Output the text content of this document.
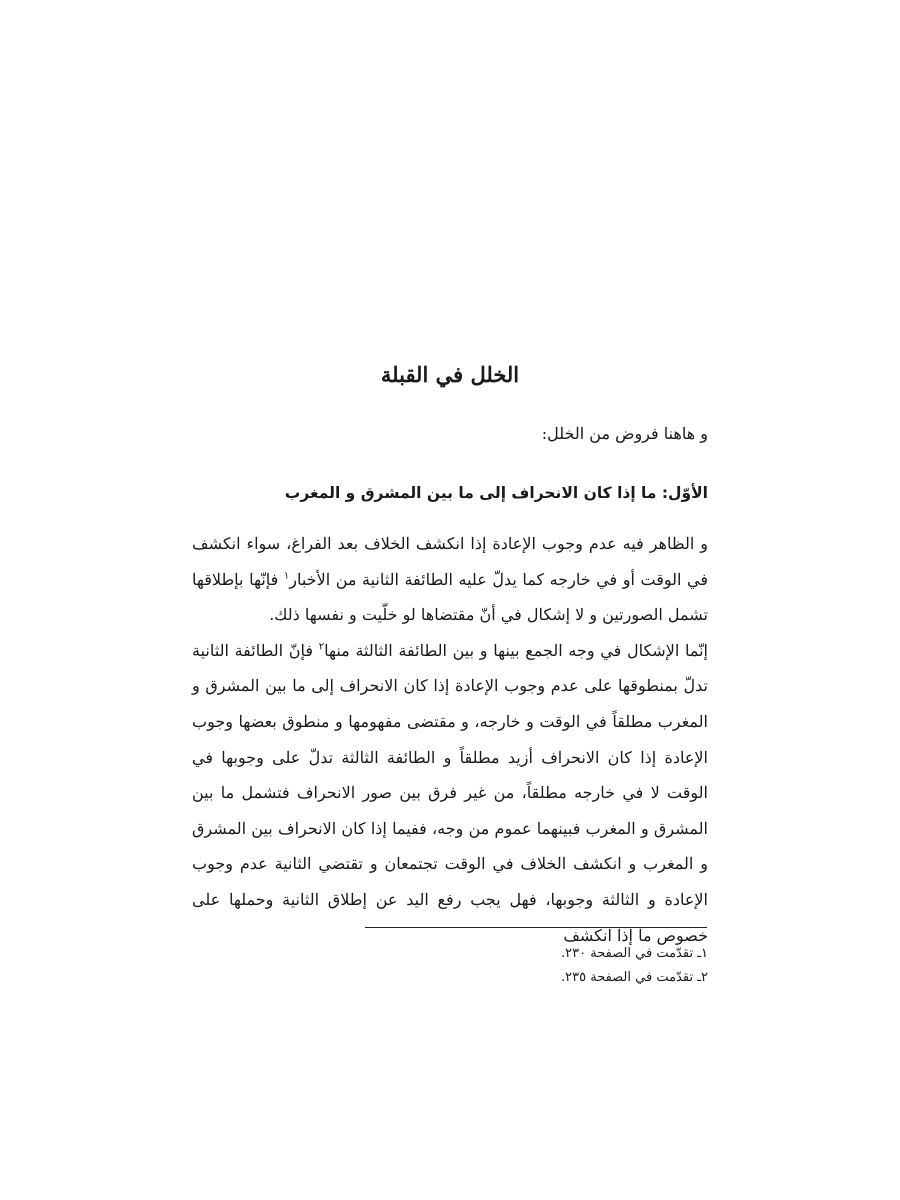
الخلل في القبلة

و هاهنا فروض من الخلل:

الأوّل: ما إذا كان الانحراف إلى ما بين المشرق و المغرب

و الظاهر فيه عدم وجوب الإعادة إذا انكشف الخلاف بعد الفراغ، سواء انكشف في الوقت أو في خارجه كما يدلّ عليه الطائفة الثانية من الأخبار$^١$ فإنّها بإطلاقها تشمل الصورتين و لا إشكال في أنّ مقتضاها لو خلّيت و نفسها ذلك.

إنّما الإشكال في وجه الجمع بينها و بين الطائفة الثالثة منها$^٢$ فإنّ الطائفة الثانية تدلّ بمنطوقها على عدم وجوب الإعادة إذا كان الانحراف إلى ما بين المشرق و المغرب مطلقاً في الوقت و خارجه، و مقتضى مفهومها و منطوق بعضها وجوب الإعادة إذا كان الانحراف أزيد مطلقاً و الطائفة الثالثة تدلّ على وجوبها في الوقت لا في خارجه مطلقاً، من غير فرق بين صور الانحراف فتشمل ما بين المشرق و المغرب فبينهما عموم من وجه، ففيما إذا كان الانحراف بين المشرق و المغرب و انكشف الخلاف في الوقت تجتمعان و تقتضي الثانية عدم وجوب الإعادة و الثالثة وجوبها، فهل يجب رفع اليد عن إطلاق الثانية وحملها على خصوص ما إذا انكشف

١ـ تقدّمت في الصفحة ٢٣٠.
٢ـ تقدّمت في الصفحة ٢٣٥.
